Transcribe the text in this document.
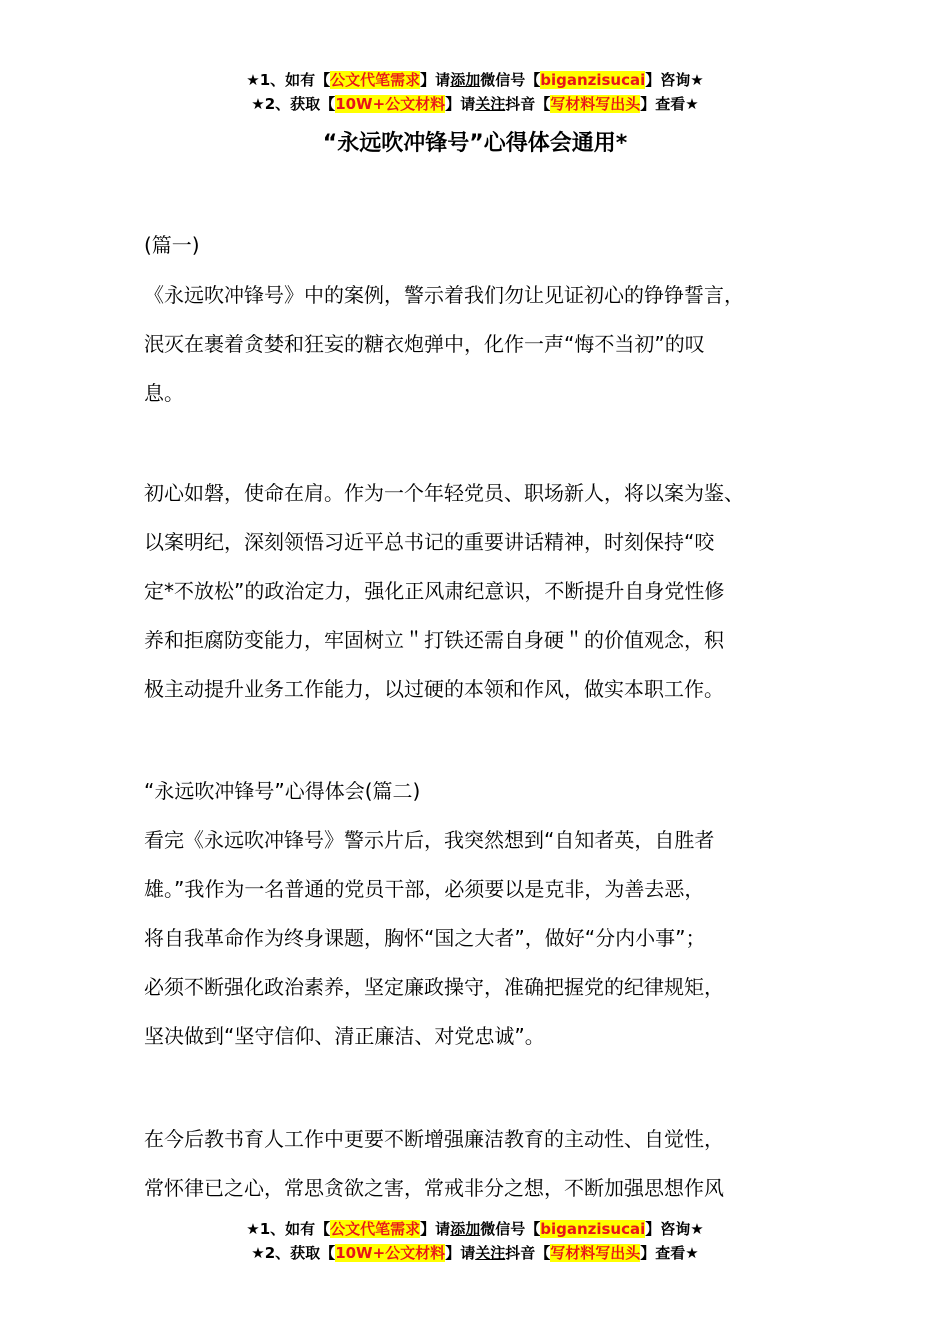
★1、如有【公文代笔需求】请添加微信号【biganzisucai】咨询★
★2、获取【10W+公文材料】请关注抖音【写材料写出头】查看★
“永远吹冲锋号”心得体会通用*
(篇一)
《永远吹冲锋号》中的案例，警示着我们勿让见证初心的铮铮誓言，
泯灭在裹着贪婪和狂妄的糖衣炮弹中，化作一声“悔不当初”的叹
息。
初心如磐，使命在肩。作为一个年轻党员、职场新人，将以案为鉴、
以案明纪，深刻领悟习近平总书记的重要讲话精神，时刻保持“咬
定*不放松”的政治定力，强化正风肃纪意识，不断提升自身党性修
养和拒腐防变能力，牢固树立＂打铁还需自身硬＂的价值观念，积
极主动提升业务工作能力，以过硬的本领和作风，做实本职工作。
“永远吹冲锋号”心得体会(篇二)
看完《永远吹冲锋号》警示片后，我突然想到“自知者英，自胜者
雄。”我作为一名普通的党员干部，必须要以是克非，为善去恶，
将自我革命作为终身课题，胸怀“国之大者”，做好“分内小事”；
必须不断强化政治素养，坚定廉政操守，准确把握党的纪律规矩，
坚决做到“坚守信仰、清正廉洁、对党忠诚”。
在今后教书育人工作中更要不断增强廉洁教育的主动性、自觉性，
常怀律已之心，常思贪欲之害，常戒非分之想，不断加强思想作风
★1、如有【公文代笔需求】请添加微信号【biganzisucai】咨询★
★2、获取【10W+公文材料】请关注抖音【写材料写出头】查看★
